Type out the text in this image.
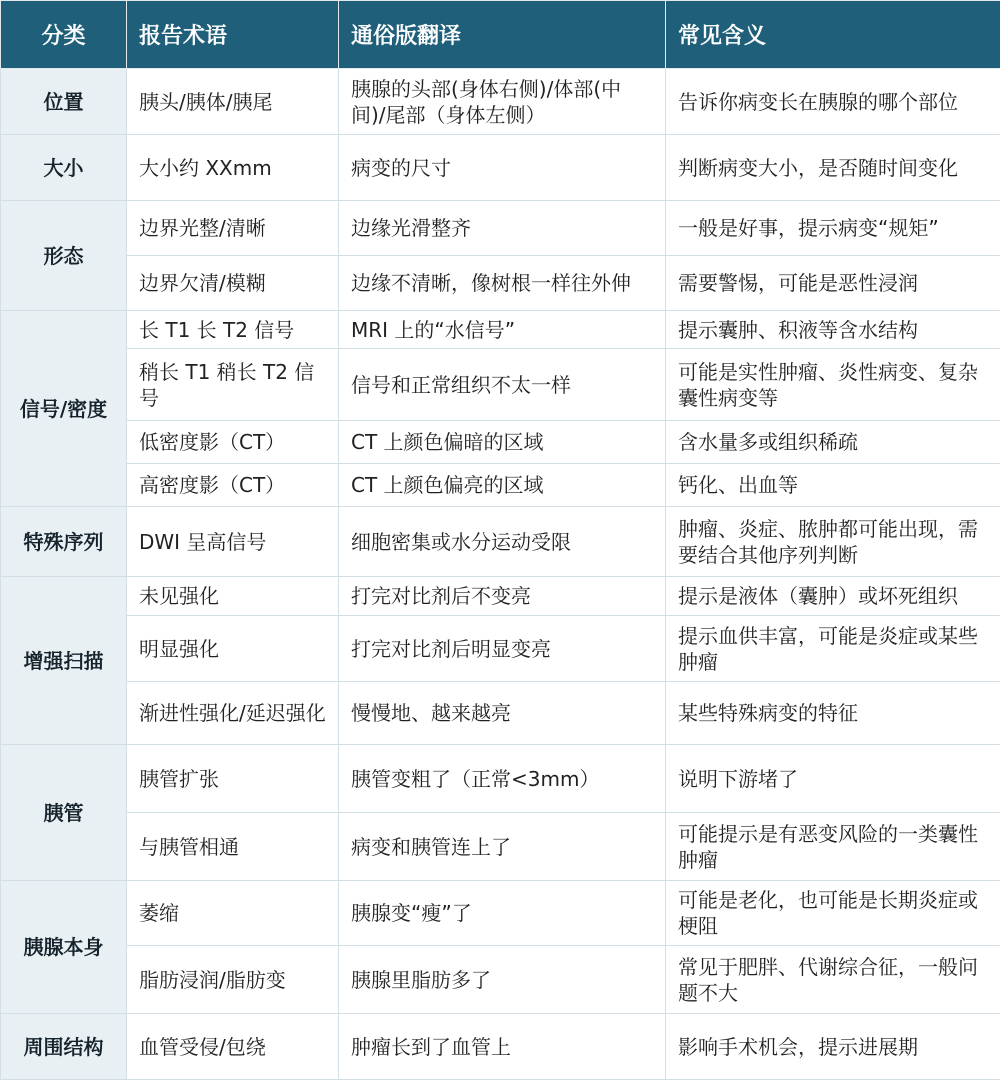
分类	报告术语	通俗版翻译	常见含义
位置	胰头/胰体/胰尾	胰腺的头部(身体右侧)/体部(中间)/尾部（身体左侧）	告诉你病变长在胰腺的哪个部位
大小	大小约 XXmm	病变的尺寸	判断病变大小，是否随时间变化
形态	边界光整/清晰	边缘光滑整齐	一般是好事，提示病变“规矩”
	边界欠清/模糊	边缘不清晰，像树根一样往外伸	需要警惕，可能是恶性浸润
信号/密度	长 T1 长 T2 信号	MRI 上的“水信号”	提示囊肿、积液等含水结构
	稍长 T1 稍长 T2 信号	信号和正常组织不太一样	可能是实性肿瘤、炎性病变、复杂囊性病变等
	低密度影（CT）	CT 上颜色偏暗的区域	含水量多或组织稀疏
	高密度影（CT）	CT 上颜色偏亮的区域	钙化、出血等
特殊序列	DWI 呈高信号	细胞密集或水分运动受限	肿瘤、炎症、脓肿都可能出现，需要结合其他序列判断
增强扫描	未见强化	打完对比剂后不变亮	提示是液体（囊肿）或坏死组织
	明显强化	打完对比剂后明显变亮	提示血供丰富，可能是炎症或某些肿瘤
	渐进性强化/延迟强化	慢慢地、越来越亮	某些特殊病变的特征
胰管	胰管扩张	胰管变粗了（正常<3mm）	说明下游堵了
	与胰管相通	病变和胰管连上了	可能提示是有恶变风险的一类囊性肿瘤
胰腺本身	萎缩	胰腺变“瘦”了	可能是老化，也可能是长期炎症或梗阻
	脂肪浸润/脂肪变	胰腺里脂肪多了	常见于肥胖、代谢综合征，一般问题不大
周围结构	血管受侵/包绕	肿瘤长到了血管上	影响手术机会，提示进展期
